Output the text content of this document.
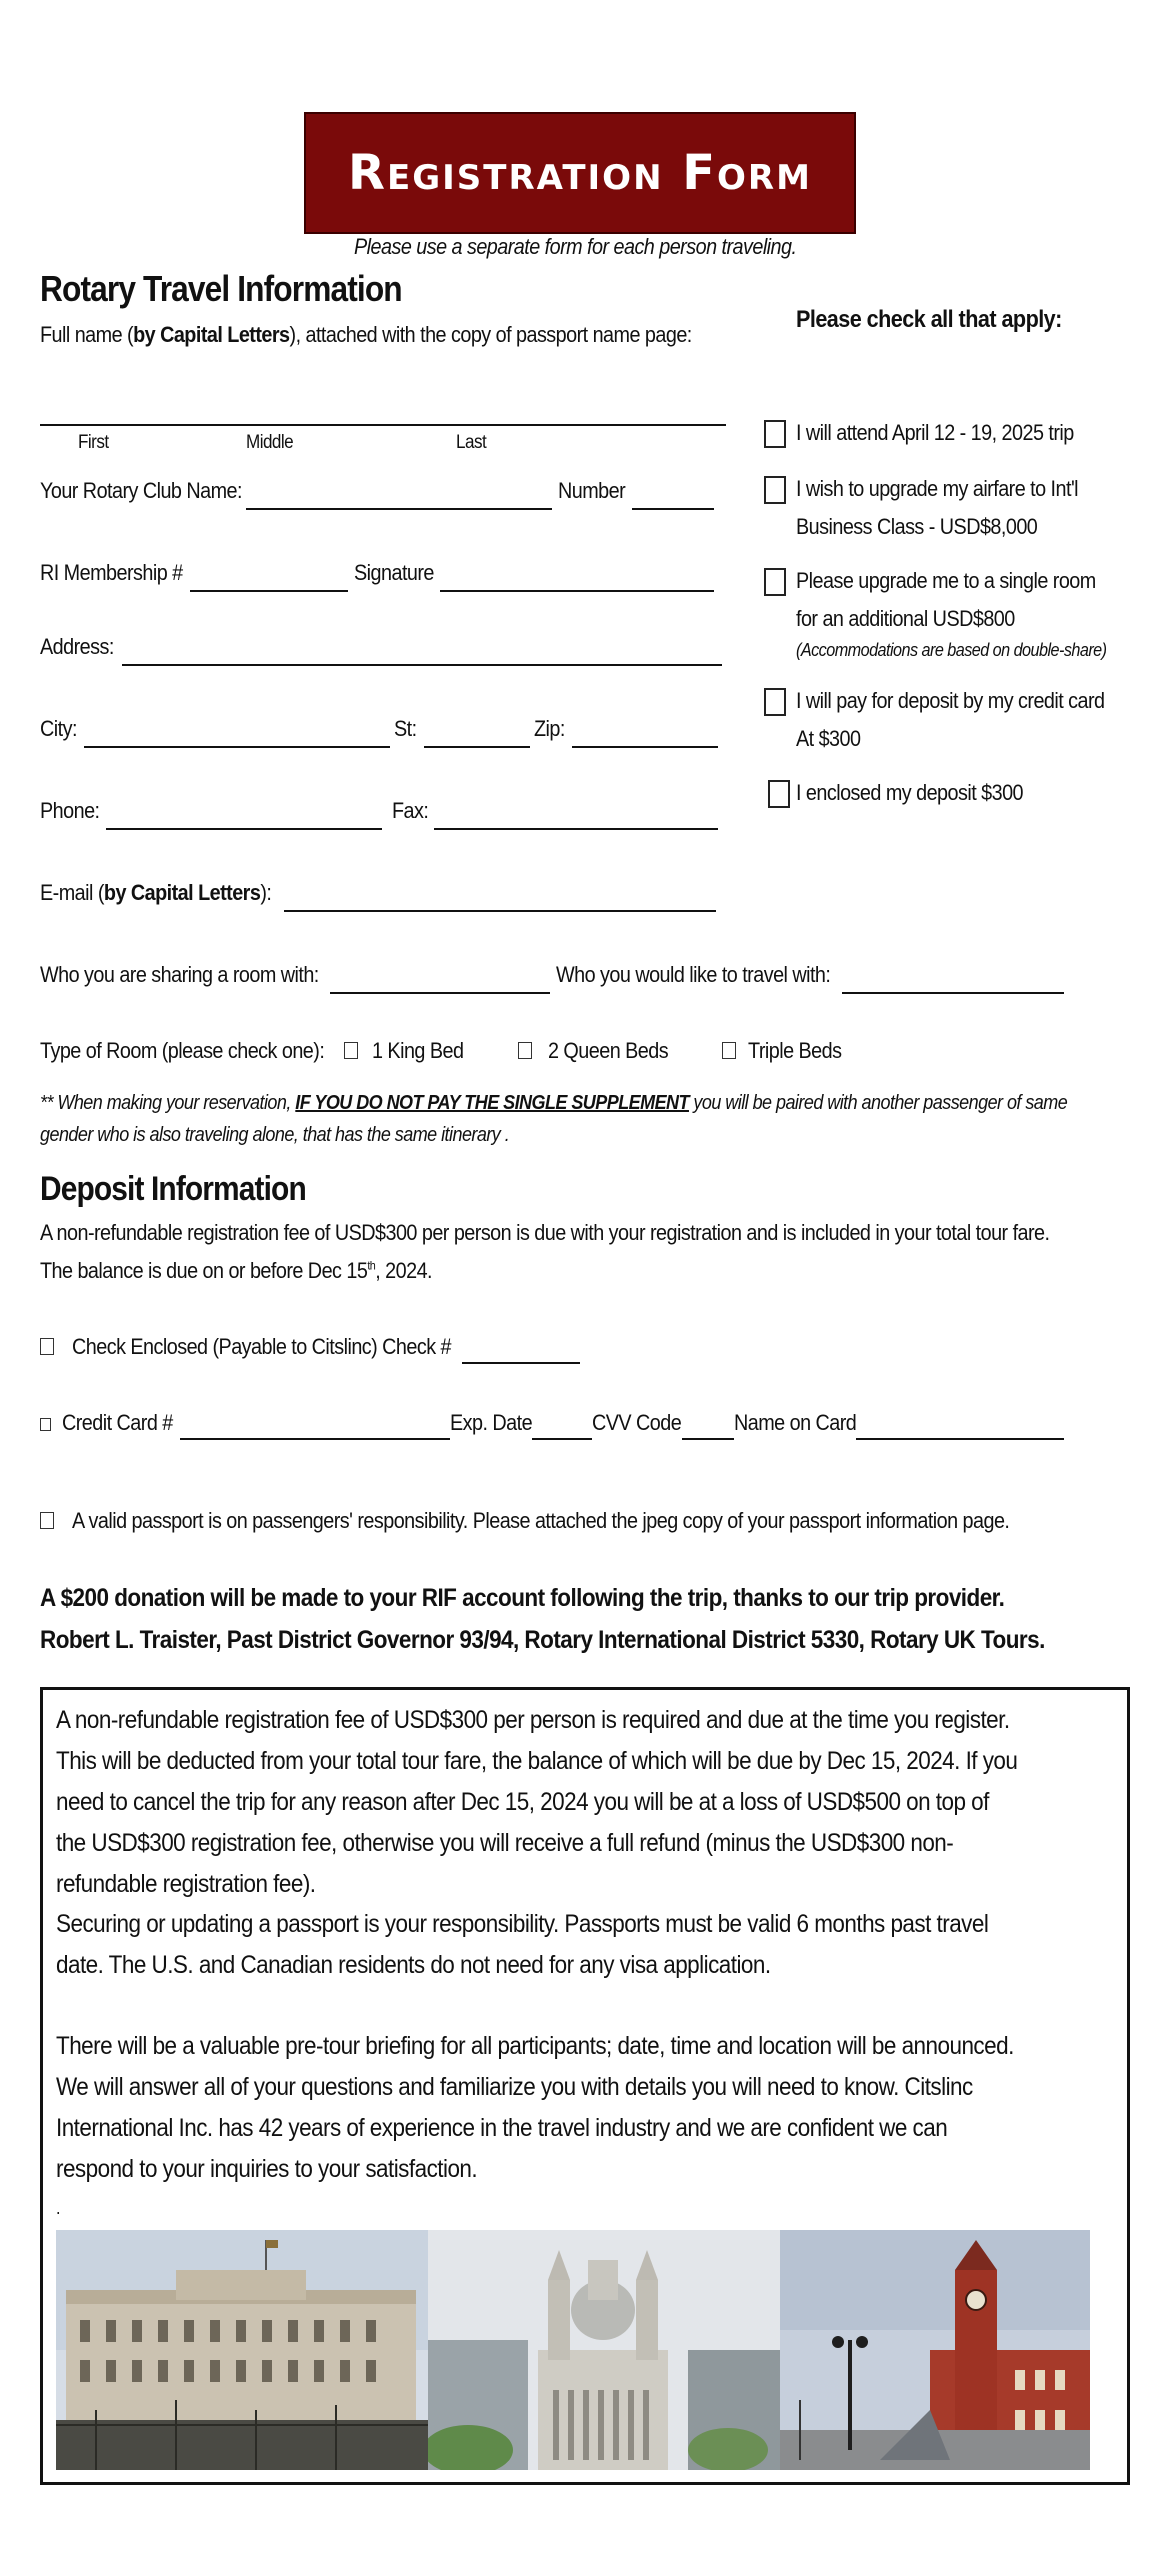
Registration Form
Please use a separate form for each person traveling.
Rotary Travel Information
Full name (by Capital Letters), attached with the copy of passport name page:
Please check all that apply:
First	Middle	Last
Your Rotary Club Name:	Number
RI Membership #	Signature
Address:
City:	St:	Zip:
Phone:	Fax:
E-mail (by Capital Letters):
Who you are sharing a room with:	Who you would like to travel with:
Type of Room (please check one): 1 King Bed	2 Queen Beds	Triple Beds
** When making your reservation, IF YOU DO NOT PAY THE SINGLE SUPPLEMENT you will be paired with another passenger of same
gender who is also traveling alone, that has the same itinerary .
I will attend April 12 - 19, 2025 trip
I wish to upgrade my airfare to Int'l
Business Class - USD$8,000
Please upgrade me to a single room
for an additional USD$800
(Accommodations are based on double-share)
I will pay for deposit by my credit card
At $300
I enclosed my deposit $300
Deposit Information
A non-refundable registration fee of USD$300 per person is due with your registration and is included in your total tour fare.
The balance is due on or before Dec 15th, 2024.
Check Enclosed (Payable to Citslinc) Check #
Credit Card #	Exp. Date	CVV Code Name on Card
A valid passport is on passengers' responsibility. Please attached the jpeg copy of your passport information page.
A $200 donation will be made to your RIF account following the trip, thanks to our trip provider.
Robert L. Traister, Past District Governor 93/94, Rotary International District 5330, Rotary UK Tours.
A non-refundable registration fee of USD$300 per person is required and due at the time you register. This will be deducted from your total tour fare, the balance of which will be due by Dec 15, 2024. If you need to cancel the trip for any reason after Dec 15, 2024 you will be at a loss of USD$500 on top of the USD$300 registration fee, otherwise you will receive a full refund (minus the USD$300 non-refundable registration fee).
Securing or updating a passport is your responsibility. Passports must be valid 6 months past travel date. The U.S. and Canadian residents do not need for any visa application.
There will be a valuable pre-tour briefing for all participants; date, time and location will be announced. We will answer all of your questions and familiarize you with details you will need to know. Citslinc International Inc. has 42 years of experience in the travel industry and we are confident we can respond to your inquiries to your satisfaction.
.
